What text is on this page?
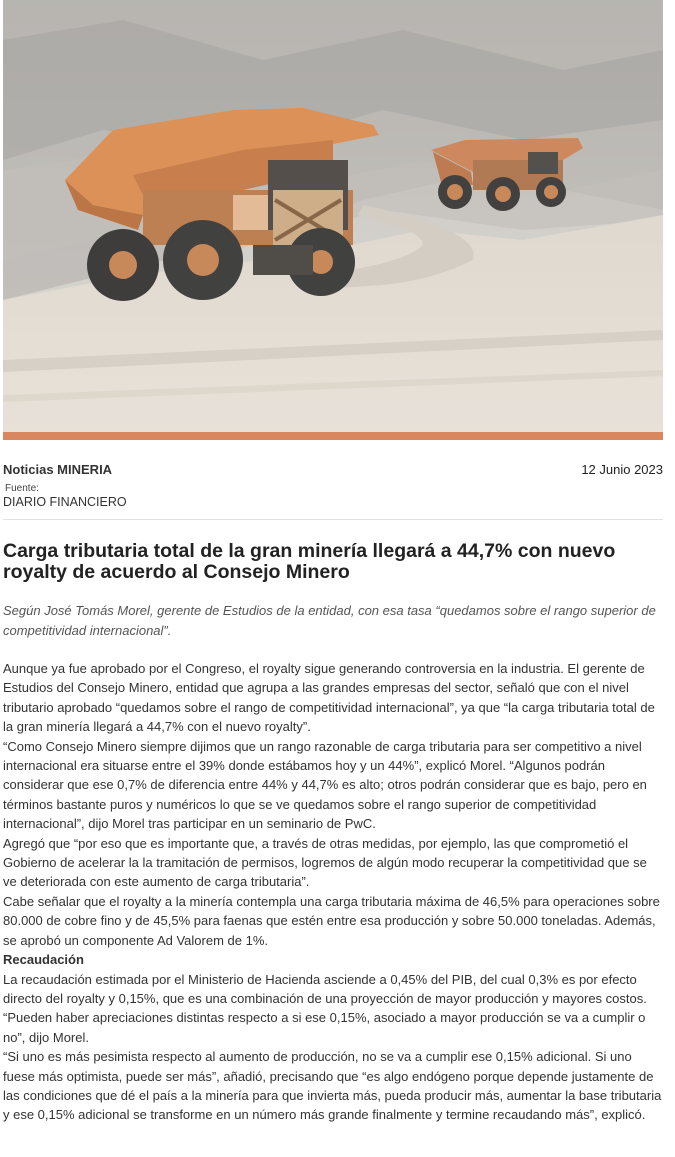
Noticias MINERIA	12 Junio 2023
Fuente:
DIARIO FINANCIERO
Carga tributaria total de la gran minería llegará a 44,7% con nuevo royalty de acuerdo al Consejo Minero

Según José Tomás Morel, gerente de Estudios de la entidad, con esa tasa “quedamos sobre el rango superior de competitividad internacional”.

Aunque ya fue aprobado por el Congreso, el royalty sigue generando controversia en la industria. El gerente de Estudios del Consejo Minero, entidad que agrupa a las grandes empresas del sector, señaló que con el nivel tributario aprobado “quedamos sobre el rango de competitividad internacional”, ya que “la carga tributaria total de la gran minería llegará a 44,7% con el nuevo royalty”.

“Como Consejo Minero siempre dijimos que un rango razonable de carga tributaria para ser competitivo a nivel internacional era situarse entre el 39% donde estábamos hoy y un 44%”, explicó Morel. “Algunos podrán considerar que ese 0,7% de diferencia entre 44% y 44,7% es alto; otros podrán considerar que es bajo, pero en términos bastante puros y numéricos lo que se ve quedamos sobre el rango superior de competitividad internacional”, dijo Morel tras participar en un seminario de PwC.

Agregó que “por eso que es importante que, a través de otras medidas, por ejemplo, las que comprometió el Gobierno de acelerar la la tramitación de permisos, logremos de algún modo recuperar la competitividad que se ve deteriorada con este aumento de carga tributaria”.

Cabe señalar que el royalty a la minería contempla una carga tributaria máxima de 46,5% para operaciones sobre 80.000 de cobre fino y de 45,5% para faenas que estén entre esa producción y sobre 50.000 toneladas. Además, se aprobó un componente Ad Valorem de 1%.

Recaudación

La recaudación estimada por el Ministerio de Hacienda asciende a 0,45% del PIB, del cual 0,3% es por efecto directo del royalty y 0,15%, que es una combinación de una proyección de mayor producción y mayores costos. “Pueden haber apreciaciones distintas respecto a si ese 0,15%, asociado a mayor producción se va a cumplir o no”, dijo Morel.

“Si uno es más pesimista respecto al aumento de producción, no se va a cumplir ese 0,15% adicional. Si uno fuese más optimista, puede ser más”, añadió, precisando que “es algo endógeno porque depende justamente de las condiciones que dé el país a la minería para que invierta más, pueda producir más, aumentar la base tributaria y ese 0,15% adicional se transforme en un número más grande finalmente y termine recaudando más”, explicó.
